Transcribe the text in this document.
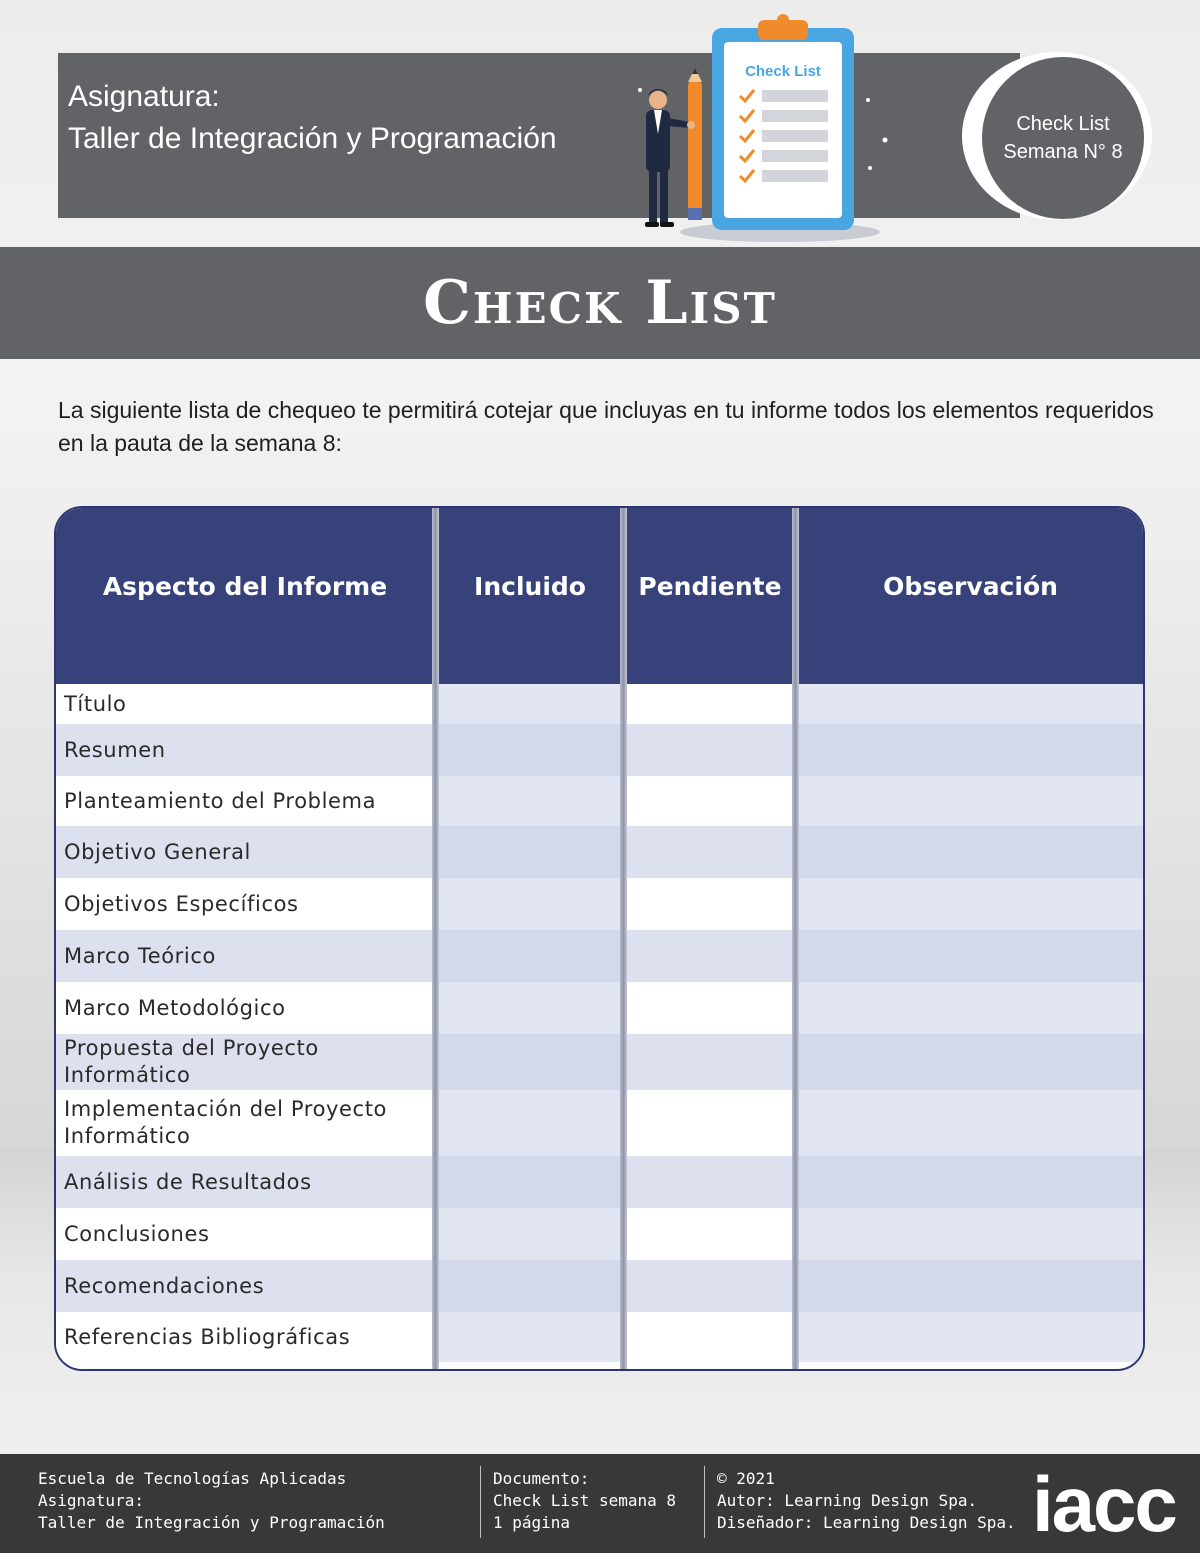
Asignatura:
Taller de Integración y Programación	Check List
Semana N° 8
Check List
Check List
La siguiente lista de chequeo te permitirá cotejar que incluyas en tu informe todos los elementos requeridos en la pauta de la semana 8:
Aspecto del Informe	Incluido	Pendiente	Observación
Título
Resumen
Planteamiento del Problema
Objetivo General
Objetivos Específicos
Marco Teórico
Marco Metodológico
Propuesta del Proyecto Informático
Implementación del Proyecto Informático
Análisis de Resultados
Conclusiones
Recomendaciones
Referencias Bibliográficas
Escuela de Tecnologías Aplicadas
Asignatura:
Taller de Integración y Programación
Documento:
Check List semana 8
1 página
© 2021
Autor: Learning Design Spa.
Diseñador: Learning Design Spa. iacc
